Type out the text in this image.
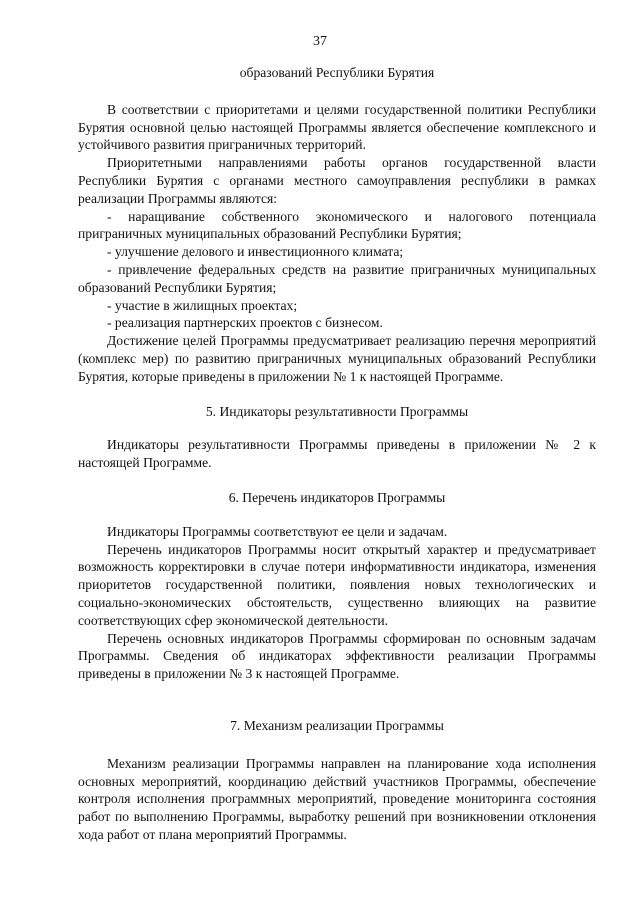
37
образований Республики Бурятия

В соответствии с приоритетами и целями государственной политики Республики Бурятия основной целью настоящей Программы является обеспечение комплексного и устойчивого развития приграничных территорий.

Приоритетными направлениями работы органов государственной власти Республики Бурятия с органами местного самоуправления республики в рамках реализации Программы являются:

- наращивание собственного экономического и налогового потенциала приграничных муниципальных образований Республики Бурятия;

- улучшение делового и инвестиционного климата;

- привлечение федеральных средств на развитие приграничных муниципальных образований Республики Бурятия;

- участие в жилищных проектах;

- реализация партнерских проектов с бизнесом.

Достижение целей Программы предусматривает реализацию перечня мероприятий (комплекс мер) по развитию приграничных муниципальных образований Республики Бурятия, которые приведены в приложении № 1 к настоящей Программе.

5. Индикаторы результативности Программы

Индикаторы результативности Программы приведены в приложении № 2 к настоящей Программе.

6. Перечень индикаторов Программы

Индикаторы Программы соответствуют ее цели и задачам.

Перечень индикаторов Программы носит открытый характер и предусматривает возможность корректировки в случае потери информативности индикатора, изменения приоритетов государственной политики, появления новых технологических и социально-экономических обстоятельств, существенно влияющих на развитие соответствующих сфер экономической деятельности.

Перечень основных индикаторов Программы сформирован по основным задачам Программы. Сведения об индикаторах эффективности реализации Программы приведены в приложении № 3 к настоящей Программе.

7. Механизм реализации Программы

Механизм реализации Программы направлен на планирование хода исполнения основных мероприятий, координацию действий участников Программы, обеспечение контроля исполнения программных мероприятий, проведение мониторинга состояния работ по выполнению Программы, выработку решений при возникновении отклонения хода работ от плана мероприятий Программы.
